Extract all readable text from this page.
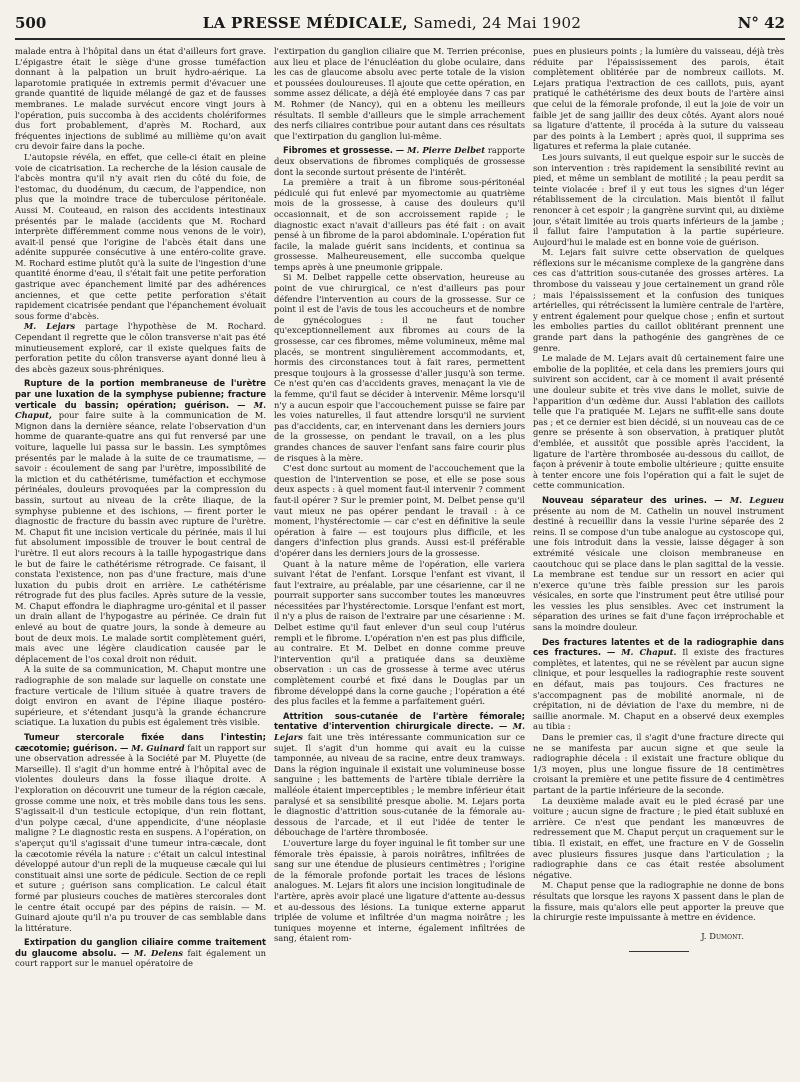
500	LA PRESSE MÉDICALE, Samedi, 24 Mai 1902	N° 42

malade entra à l'hôpital dans un état d'ailleurs fort grave. L'épigastre était le siège d'une grosse tuméfaction donnant à la palpation un bruit hydro-aérique. La laparotomie pratiquée in extremis permit d'évacuer une grande quantité de liquide mélangé de gaz et de fausses membranes. Le malade survécut encore vingt jours à l'opération, puis succomba à des accidents cholériformes dus fort probablement, d'après M. Rochard, aux fréquentes injections de sublimé au millième qu'on avait cru devoir faire dans la poche.

L'autopsie révéla, en effet, que celle-ci était en pleine voie de cicatrisation. La recherche de la lésion causale de l'abcès montra qu'il n'y avait rien du côté du foie, de l'estomac, du duodénum, du cæcum, de l'appendice, non plus que la moindre trace de tuberculose péritonéale. Aussi M. Couteaud, en raison des accidents intestinaux présentés par le malade (accidents que M. Rochard interprète différemment comme nous venons de le voir), avait-il pensé que l'origine de l'abcès était dans une adénite suppurée consécutive à une entéro-colite grave. M. Rochard estime plutôt qu'à la suite de l'ingestion d'une quantité énorme d'eau, il s'était fait une petite perforation gastrique avec épanchement limité par des adhérences anciennes, et que cette petite perforation s'était rapidement cicatrisée pendant que l'épanchement évoluait sous forme d'abcès.

M. Lejars partage l'hypothèse de M. Rochard. Cependant il regrette que le côlon transverse n'ait pas été minutieusement exploré, car il existe quelques faits de perforation petite du côlon transverse ayant donné lieu à des abcès gazeux sous-phréniques.

Rupture de la portion membraneuse de l'urètre par une luxation de la symphyse pubienne; fracture verticale du bassin; opération; guérison. — M. Chaput, pour faire suite à la communication de M. Mignon dans la dernière séance, relate l'observation d'un homme de quarante-quatre ans qui fut renversé par une voiture, laquelle lui passa sur le bassin. Les symptômes présentés par le malade à la suite de ce traumatisme, — savoir : écoulement de sang par l'urètre, impossibilité de la miction et du cathétérisme, tuméfaction et ecchymose périnéales, douleurs provoquées par la compression du bassin, surtout au niveau de la crête iliaque, de la symphyse pubienne et des ischions, — firent porter le diagnostic de fracture du bassin avec rupture de l'urètre. M. Chaput fit une incision verticale du périnée, mais il lui fut absolument impossible de trouver le bout central de l'urètre. Il eut alors recours à la taille hypogastrique dans le but de faire le cathétérisme rétrograde. Ce faisant, il constata l'existence, non pas d'une fracture, mais d'une luxation du pubis droit en arrière. Le cathétérisme rétrograde fut des plus faciles. Après suture de la vessie, M. Chaput effondra le diaphragme uro-génital et il passer un drain allant de l'hypogastre au périnée. Ce drain fut enlevé au bout de quatre jours, la sonde à demeure au bout de deux mois. Le malade sortit complètement guéri, mais avec une légère claudication causée par le déplacement de l'os coxal droit non réduit.

A la suite de sa communication, M. Chaput montre une radiographie de son malade sur laquelle on constate une fracture verticale de l'ilium située à quatre travers de doigt environ en avant de l'épine iliaque postéro-supérieure, et s'étendant jusqu'à la grande échancrure sciatique. La luxation du pubis est également très visible.

Tumeur stercorale fixée dans l'intestin; cæcotomie; guérison. — M. Guinard fait un rapport sur une observation adressée à la Société par M. Pluyette (de Marseille). Il s'agit d'un homme entré à l'hôpital avec de violentes douleurs dans la fosse iliaque droite. A l'exploration on découvrit une tumeur de la région cæcale, grosse comme une noix, et très mobile dans tous les sens. S'agissait-il d'un testicule ectopique, d'un rein flottant, d'un polype cæcal, d'une appendicite, d'une néoplasie maligne ? Le diagnostic resta en suspens. A l'opération, on s'aperçut qu'il s'agissait d'une tumeur intra-cæcale, dont la cæcotomie révéla la nature : c'était un calcul intestinal développé autour d'un repli de la muqueuse cæcale qui lui constituait ainsi une sorte de pédicule. Section de ce repli et suture ; guérison sans complication. Le calcul était formé par plusieurs couches de matières stercorales dont le centre était occupé par des pépins de raisin. — M. Guinard ajoute qu'il n'a pu trouver de cas semblable dans la littérature.

Extirpation du ganglion ciliaire comme traitement du glaucome absolu. — M. Delens fait également un court rapport sur le manuel opératoire de

l'extirpation du ganglion ciliaire que M. Terrien préconise, aux lieu et place de l'énucléation du globe oculaire, dans les cas de glaucome absolu avec perte totale de la vision et poussées douloureuses. Il ajoute que cette opération, en somme assez délicate, a déjà été employée dans 7 cas par M. Rohmer (de Nancy), qui en a obtenu les meilleurs résultats. Il semble d'ailleurs que le simple arrachement des nerfs ciliaires contribue pour autant dans ces résultats que l'extirpation du ganglion lui-même.

Fibromes et grossesse. — M. Pierre Delbet rapporte deux observations de fibromes compliqués de grossesse dont la seconde surtout présente de l'intérêt.

La première a trait à un fibrome sous-péritonéal pédiculé qui fut enlevé par myomectomie au quatrième mois de la grossesse, à cause des douleurs qu'il occasionnait, et de son accroissement rapide ; le diagnostic exact n'avait d'ailleurs pas été fait : on avait pensé à un fibrome de la paroi abdominale. L'opération fut facile, la malade guérit sans incidents, et continua sa grossesse. Malheureusement, elle succomba quelque temps après à une pneumonie grippale.

Si M. Delbet rappelle cette observation, heureuse au point de vue chirurgical, ce n'est d'ailleurs pas pour défendre l'intervention au cours de la grossesse. Sur ce point il est de l'avis de tous les accoucheurs et de nombre de gynécologues : il ne faut toucher qu'exceptionnellement aux fibromes au cours de la grossesse, car ces fibromes, même volumineux, même mal placés, se montrent singulièrement accommodants, et, hormis des circonstances tout à fait rares, permettent presque toujours à la grossesse d'aller jusqu'à son terme. Ce n'est qu'en cas d'accidents graves, menaçant la vie de la femme, qu'il faut se décider à intervenir. Même lorsqu'il n'y a aucun espoir que l'accouchement puisse se faire par les voies naturelles, il faut attendre lorsqu'il ne survient pas d'accidents, car, en intervenant dans les derniers jours de la grossesse, on pendant le travail, on a les plus grandes chances de sauver l'enfant sans faire courir plus de risques à la mère.

C'est donc surtout au moment de l'accouchement que la question de l'intervention se pose, et elle se pose sous deux aspects : à quel moment faut-il intervenir ? comment faut-il opérer ? Sur le premier point, M. Delbet pense qu'il vaut mieux ne pas opérer pendant le travail : à ce moment, l'hystérectomie — car c'est en définitive la seule opération à faire — est toujours plus difficile, et les dangers d'infection plus grands. Aussi est-il préférable d'opérer dans les derniers jours de la grossesse.

Quant à la nature même de l'opération, elle variera suivant l'état de l'enfant. Lorsque l'enfant est vivant, il faut l'extraire, au préalable, par une césarienne, car il ne pourrait supporter sans succomber toutes les manœuvres nécessitées par l'hystérectomie. Lorsque l'enfant est mort, il n'y a plus de raison de l'extraire par une césarienne : M. Delbet estime qu'il faut enlever d'un seul coup l'utérus rempli et le fibrome. L'opération n'en est pas plus difficile, au contraire. Et M. Delbet en donne comme preuve l'intervention qu'il a pratiquée dans sa deuxième observation : un cas de grossesse à terme avec utérus complètement courbé et fixé dans le Douglas par un fibrome développé dans la corne gauche ; l'opération a été des plus faciles et la femme a parfaitement guéri.

Attrition sous-cutanée de l'artère fémorale; tentative d'intervention chirurgicale directe. — M. Lejars fait une très intéressante communication sur ce sujet. Il s'agit d'un homme qui avait eu la cuisse tamponnée, au niveau de sa racine, entre deux tramways. Dans la région inguinale il existait une volumineuse bosse sanguine ; les battements de l'artère tibiale derrière la malléole étaient imperceptibles ; le membre inférieur était paralysé et sa sensibilité presque abolie. M. Lejars porta le diagnostic d'attrition sous-cutanée de la fémorale au-dessous de l'arcade, et il eut l'idée de tenter le débouchage de l'artère thrombosée.

L'ouverture large du foyer inguinal le fit tomber sur une fémorale très épaissie, à parois noirâtres, infiltrées de sang sur une étendue de plusieurs centimètres ; l'origine de la fémorale profonde portait les traces de lésions analogues. M. Lejars fit alors une incision longitudinale de l'artère, après avoir placé une ligature d'attente au-dessus et au-dessous des lésions. La tunique externe apparut triplée de volume et infiltrée d'un magma noirâtre ; les tuniques moyenne et interne, également infiltrées de sang, étaient rom-

pues en plusieurs points ; la lumière du vaisseau, déjà très réduite par l'épaississement des parois, était complètement oblitérée par de nombreux caillots. M. Lejars pratiqua l'extraction de ces caillots, puis, ayant pratiqué le cathétérisme des deux bouts de l'artère ainsi que celui de la fémorale profonde, il eut la joie de voir un faible jet de sang jaillir des deux côtés. Ayant alors noué sa ligature d'attente, il procéda à la suture du vaisseau par des points à la Lembert ; après quoi, il supprima ses ligatures et referma la plaie cutanée.

Les jours suivants, il eut quelque espoir sur le succès de son intervention : très rapidement la sensibilité revint au pied, et même un semblant de motilité ; la peau perdit sa teinte violacée : bref il y eut tous les signes d'un léger rétablissement de la circulation. Mais bientôt il fallut renoncer à cet espoir ; la gangrène survint qui, au dixième jour, s'était limitée au trois quarts inférieurs de la jambe ; il fallut faire l'amputation à la partie supérieure. Aujourd'hui le malade est en bonne voie de guérison.

M. Lejars fait suivre cette observation de quelques réflexions sur le mécanisme complexe de la gangrène dans ces cas d'attrition sous-cutanée des grosses artères. La thrombose du vaisseau y joue certainement un grand rôle ; mais l'épaississement et la confusion des tuniques artérielles, qui rétrécissent la lumière centrale de l'artère, y entrent également pour quelque chose ; enfin et surtout les embolies parties du caillot oblitérant prennent une grande part dans la pathogénie des gangrènes de ce genre.

Le malade de M. Lejars avait dû certainement faire une embolie de la poplitée, et cela dans les premiers jours qui suivirent son accident, car à ce moment il avait présenté une douleur subite et très vive dans le mollet, suivie de l'apparition d'un œdème dur. Aussi l'ablation des caillots telle que l'a pratiquée M. Lejars ne suffit-elle sans doute pas ; et ce dernier est bien décidé, si un nouveau cas de ce genre se présente à son observation, à pratiquer plutôt d'emblée, et aussitôt que possible après l'accident, la ligature de l'artère thrombosée au-dessous du caillot, de façon à prévenir à toute embolie ultérieure ; quitte ensuite à tenter encore une fois l'opération qui a fait le sujet de cette communication.

Nouveau séparateur des urines. — M. Legueu présente au nom de M. Cathelin un nouvel instrument destiné à recueillir dans la vessie l'urine séparée des 2 reins. Il se compose d'un tube analogue au cystoscope qui, une fois introduit dans la vessie, laisse dégager à son extrémité vésicale une cloison membraneuse en caoutchouc qui se place dans le plan sagittal de la vessie. La membrane est tendue sur un ressort en acier qui n'exerce qu'une très faible pression sur les parois vésicales, en sorte que l'instrument peut être utilisé pour les vessies les plus sensibles. Avec cet instrument la séparation des urines se fait d'une façon irréprochable et sans la moindre douleur.

Des fractures latentes et de la radiographie dans ces fractures. — M. Chaput. Il existe des fractures complètes, et latentes, qui ne se révèlent par aucun signe clinique, et pour lesquelles la radiographie reste souvent en défaut, mais pas toujours. Ces fractures ne s'accompagnent pas de mobilité anormale, ni de crépitation, ni de déviation de l'axe du membre, ni de saillie anormale. M. Chaput en a observé deux exemples au tibia :

Dans le premier cas, il s'agit d'une fracture directe qui ne se manifesta par aucun signe et que seule la radiographie décela : il existait une fracture oblique du 1/3 moyen, plus une longue fissure de 18 centimètres croisant la première et une petite fissure de 4 centimètres partant de la partie inférieure de la seconde.

La deuxième malade avait eu le pied écrasé par une voiture ; aucun signe de fracture ; le pied était subluxé en arrière. Ce n'est que pendant les manœuvres de redressement que M. Chaput perçut un craquement sur le tibia. Il existait, en effet, une fracture en V de Gosselin avec plusieurs fissures jusque dans l'articulation ; la radiographie dans ce cas était restée absolument négative.

M. Chaput pense que la radiographie ne donne de bons résultats que lorsque les rayons X passent dans le plan de la fissure, mais qu'alors elle peut apporter la preuve que la chirurgie reste impuissante à mettre en évidence.

J. Dumont.
